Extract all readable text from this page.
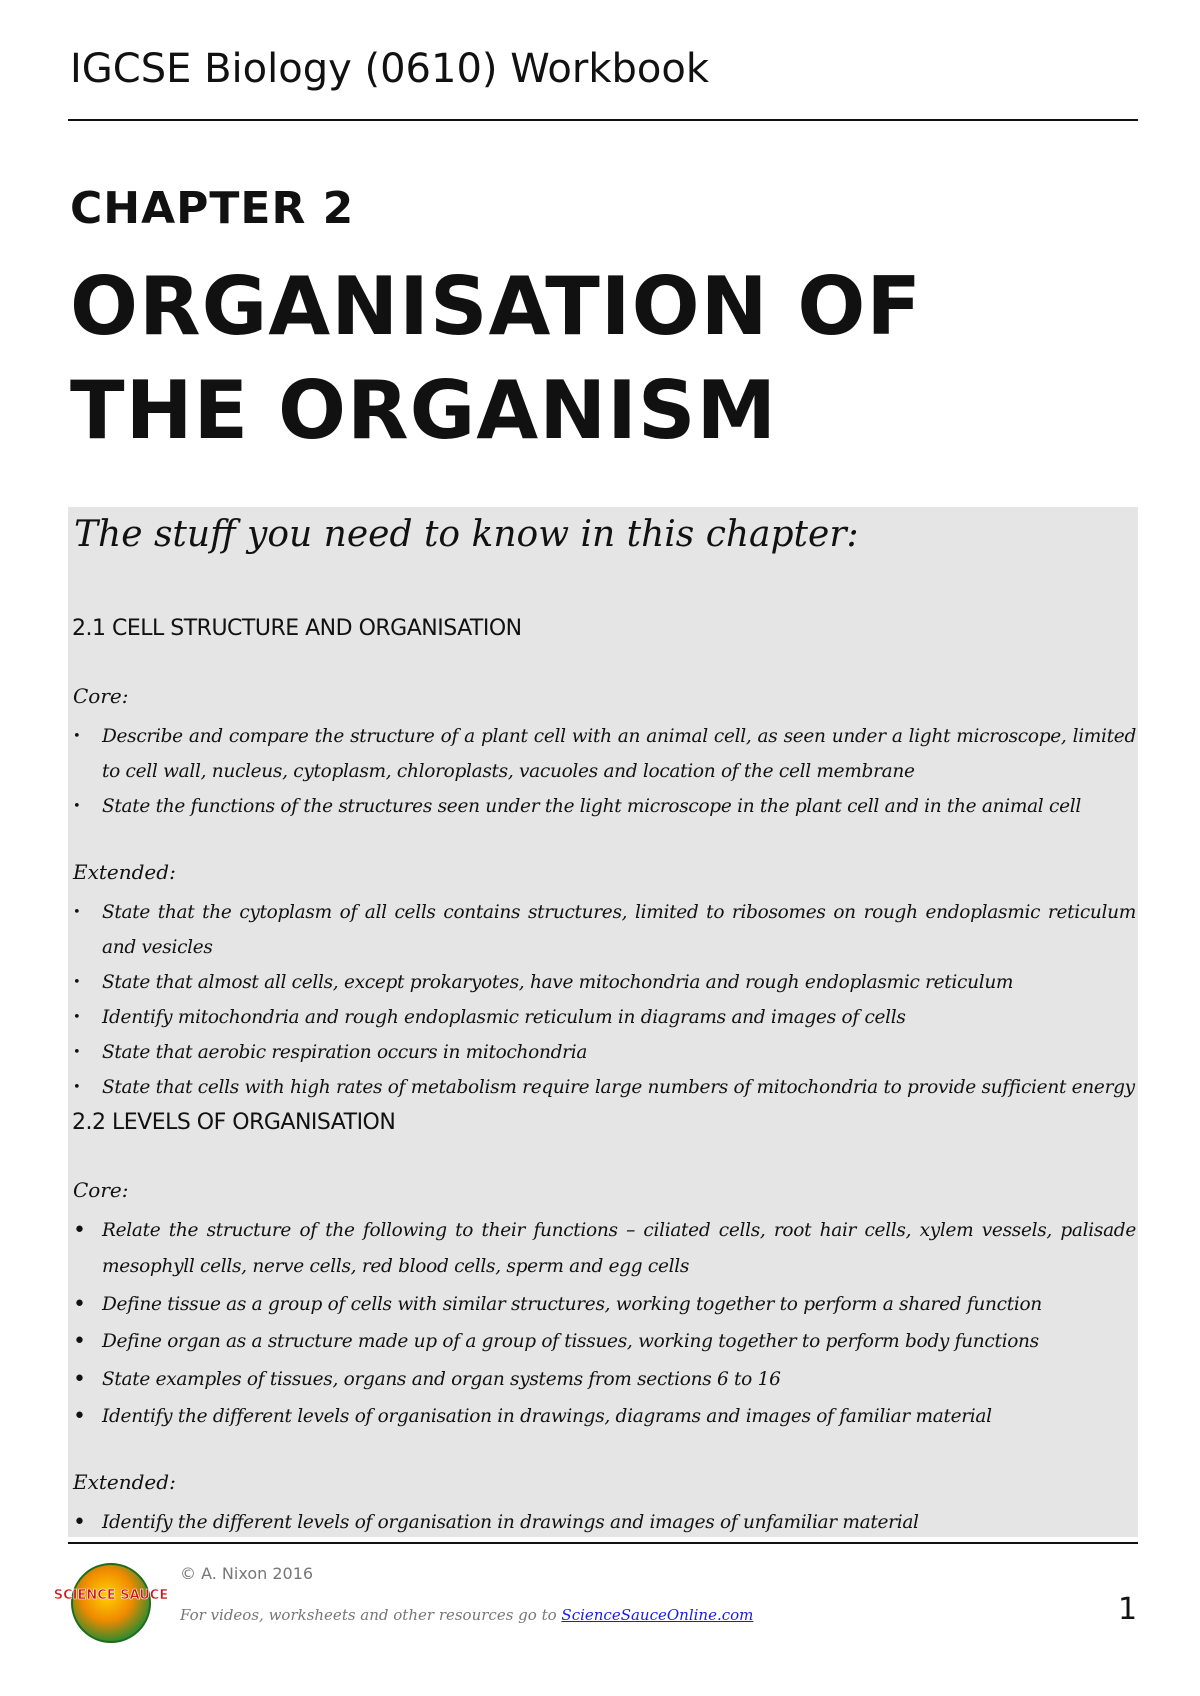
IGCSE Biology (0610) Workbook
CHAPTER 2
ORGANISATION OF THE ORGANISM
The stuff you need to know in this chapter:
2.1 CELL STRUCTURE AND ORGANISATION
Core:
• Describe and compare the structure of a plant cell with an animal cell, as seen under a light microscope, limited to cell wall, nucleus, cytoplasm, chloroplasts, vacuoles and location of the cell membrane
• State the functions of the structures seen under the light microscope in the plant cell and in the animal cell
Extended:
• State that the cytoplasm of all cells contains structures, limited to ribosomes on rough endoplasmic reticulum and vesicles
• State that almost all cells, except prokaryotes, have mitochondria and rough endoplasmic reticulum
• Identify mitochondria and rough endoplasmic reticulum in diagrams and images of cells
• State that aerobic respiration occurs in mitochondria
• State that cells with high rates of metabolism require large numbers of mitochondria to provide sufficient energy
2.2 LEVELS OF ORGANISATION
Core:
• Relate the structure of the following to their functions – ciliated cells, root hair cells, xylem vessels, palisade mesophyll cells, nerve cells, red blood cells, sperm and egg cells
• Define tissue as a group of cells with similar structures, working together to perform a shared function
• Define organ as a structure made up of a group of tissues, working together to perform body functions
• State examples of tissues, organs and organ systems from sections 6 to 16
• Identify the different levels of organisation in drawings, diagrams and images of familiar material
Extended:
• Identify the different levels of organisation in drawings and images of unfamiliar material
SCIENCE SAUCE
© A. Nixon 2016
For videos, worksheets and other resources go to ScienceSauceOnline.com	1
